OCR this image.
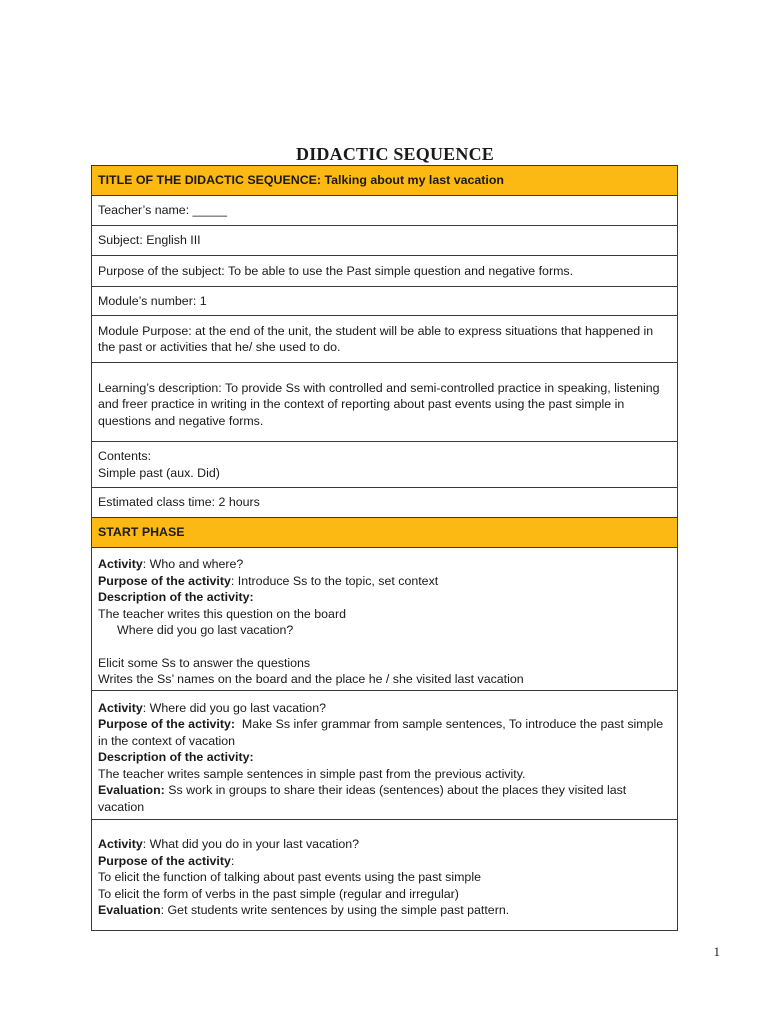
DIDACTIC SEQUENCE
TITLE OF THE DIDACTIC SEQUENCE: Talking about my last vacation
Teacher’s name: _____
Subject: English III
Purpose of the subject: To be able to use the Past simple question and negative forms.
Module’s number: 1
Module Purpose: at the end of the unit, the student will be able to express situations that happened in the past or activities that he/ she used to do.
Learning’s description: To provide Ss with controlled and semi-controlled practice in speaking, listening and freer practice in writing in the context of reporting about past events using the past simple in questions and negative forms.

Contents:
Simple past (aux. Did)

Estimated class time: 2 hours
START PHASE

Activity: Who and where?
Purpose of the activity: Introduce Ss to the topic, set context
Description of the activity:
The teacher writes this question on the board
Where did you go last vacation?
Elicit some Ss to answer the questions
Writes the Ss’ names on the board and the place he / she visited last vacation

Activity: Where did you go last vacation?
Purpose of the activity:  Make Ss infer grammar from sample sentences, To introduce the past simple in the context of vacation
Description of the activity:
The teacher writes sample sentences in simple past from the previous activity.
Evaluation: Ss work in groups to share their ideas (sentences) about the places they visited last vacation

Activity: What did you do in your last vacation?
Purpose of the activity:
To elicit the function of talking about past events using the past simple
To elicit the form of verbs in the past simple (regular and irregular)
Evaluation: Get students write sentences by using the simple past pattern.
1
